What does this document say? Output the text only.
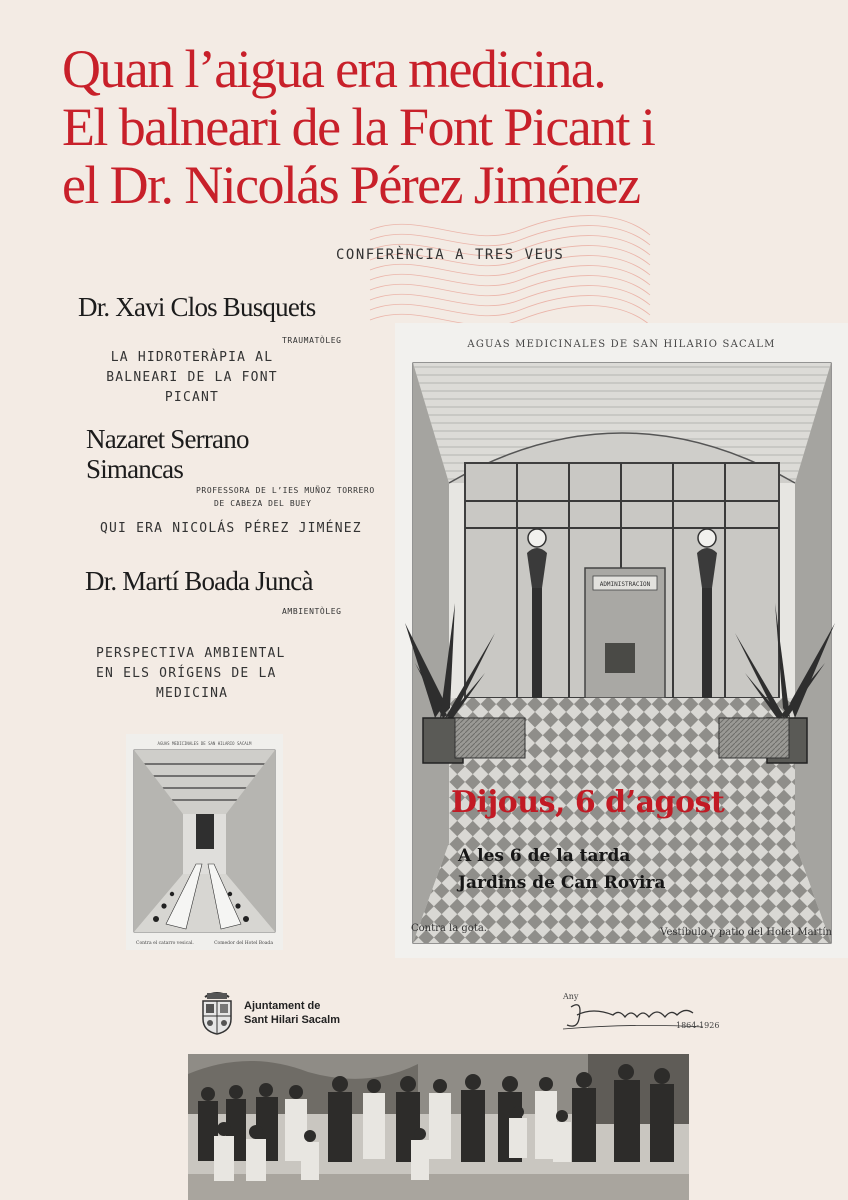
Quan l’aigua era medicina.
El balneari de la Font Picant i
el Dr. Nicolás Pérez Jiménez
CONFERÈNCIA A TRES VEUS
Dr. Xavi Clos Busquets
TRAUMATÒLEG
LA HIDROTERÀPIA AL
BALNEARI DE LA FONT
PICANT
Nazaret Serrano
Simancas
PROFESSORA DE L’IES MUÑOZ TORRERO
DE CABEZA DEL BUEY
QUI ERA NICOLÁS PÉREZ JIMÉNEZ
Dr. Martí Boada Juncà
AMBIENTÒLEG
PERSPECTIVA AMBIENTAL
EN ELS ORÍGENS DE LA
MEDICINA
ADMINISTRACION
AGUAS MEDICINALES DE SAN HILARIO SACALM
Dijous, 6 d’agost
A les 6 de la tarda
Jardins de Can Rovira
Contra la gota.	Vestíbulo y patio del Hotel Martín
AGUAS MEDICINALES DE SAN HILARIO SACALM
Contra el catarro vesical.	Comedor del Hotel Boada
Ajuntament de
Sant Hilari Sacalm
Any
1864-1926
